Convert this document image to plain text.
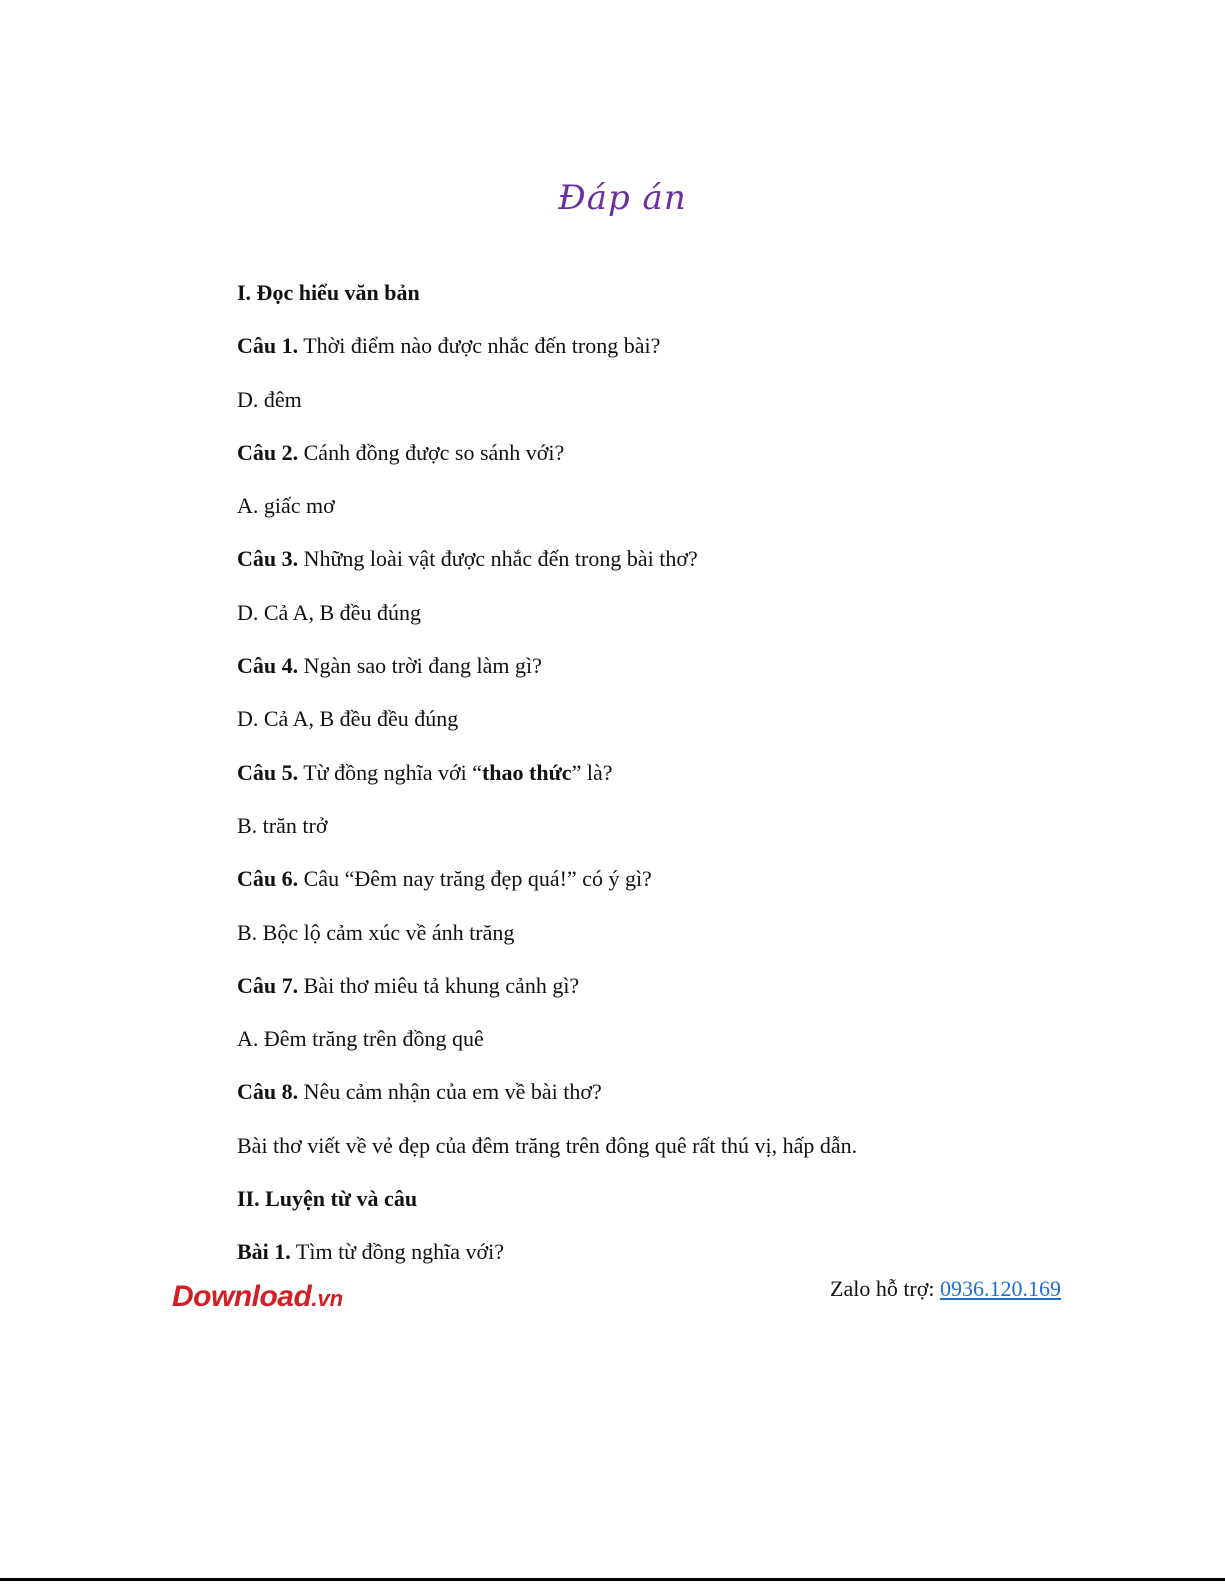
Đáp án
I. Đọc hiểu văn bản
Câu 1. Thời điểm nào được nhắc đến trong bài?
D. đêm
Câu 2. Cánh đồng được so sánh với?
A. giấc mơ
Câu 3. Những loài vật được nhắc đến trong bài thơ?
D. Cả A, B đều đúng
Câu 4. Ngàn sao trời đang làm gì?
D. Cả A, B đều đều đúng
Câu 5. Từ đồng nghĩa với “thao thức” là?
B. trăn trở
Câu 6. Câu “Đêm nay trăng đẹp quá!” có ý gì?
B. Bộc lộ cảm xúc về ánh trăng
Câu 7. Bài thơ miêu tả khung cảnh gì?
A. Đêm trăng trên đồng quê
Câu 8. Nêu cảm nhận của em về bài thơ?
Bài thơ viết về vẻ đẹp của đêm trăng trên đông quê rất thú vị, hấp dẫn.
II. Luyện từ và câu
Bài 1. Tìm từ đồng nghĩa với?
Download.vn	Zalo hỗ trợ: 0936.120.169
